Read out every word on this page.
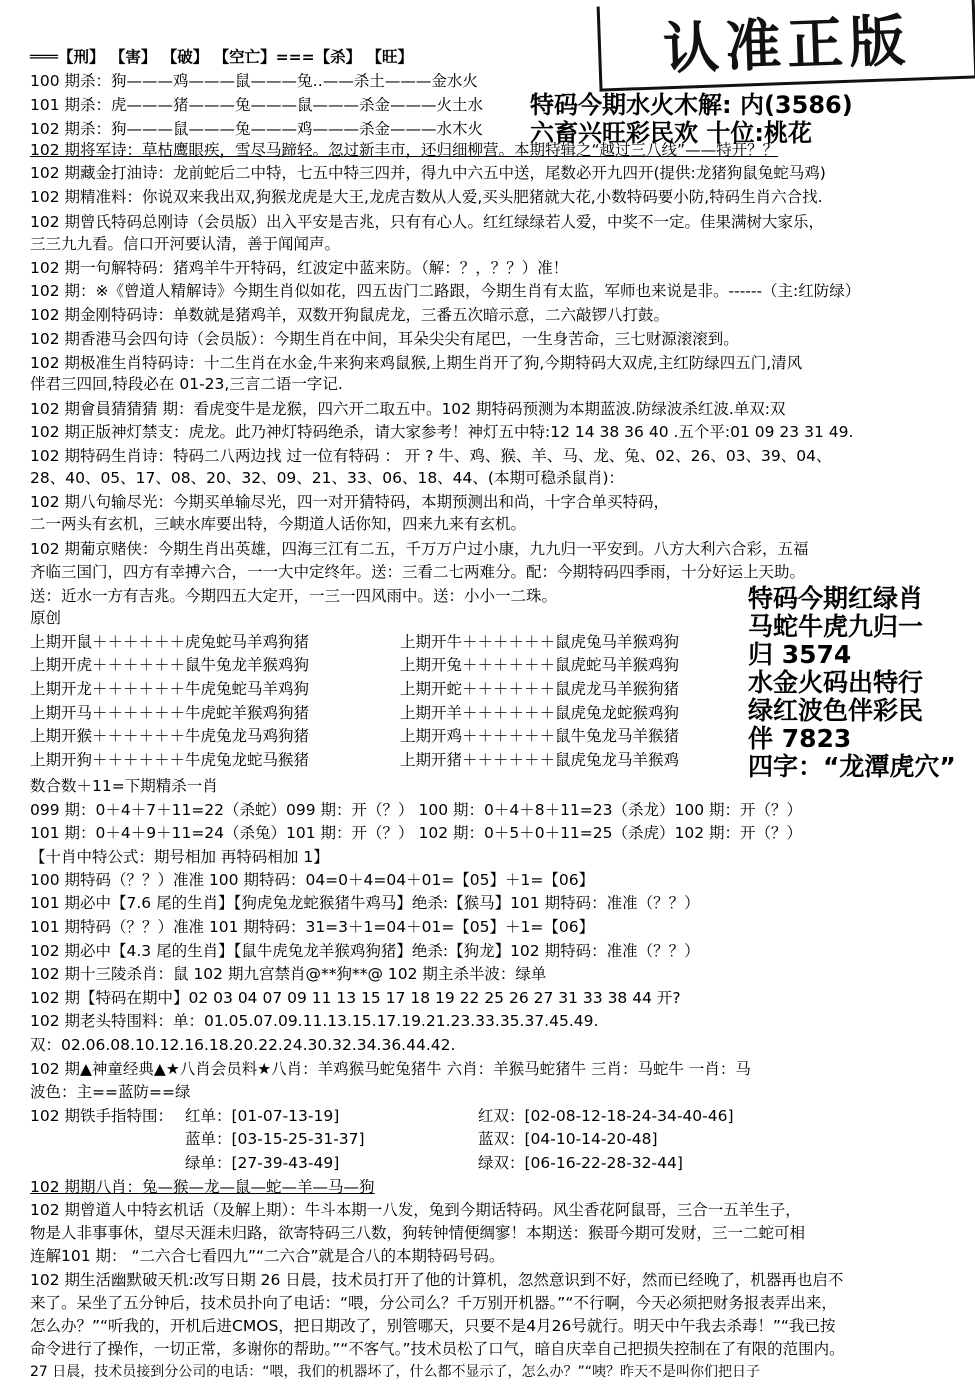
认准正版
═══【刑】 【害】 【破】 【空亡】===【杀】 【旺】
100 期杀：狗———鸡———鼠———兔‥——杀土———金水火
101 期杀：虎———猪———兔———鼠———杀金———火土水
102 期杀：狗———鼠———兔———鸡———杀金———水木火
特码今期水火木解: 内(3586)
六畜兴旺彩民欢 十位:桃花
102 期将军诗：草枯鹰眼疾，雪尽马蹄轻。忽过新丰市，还归细柳营。本期特辑之“越过三八线”——特开？？
102 期藏金打油诗：龙前蛇后二中特，七五中特三四并，得九中六五中送，尾数必开九四开(提供:龙猪狗鼠兔蛇马鸡)
102 期精准料：你说双来我出双,狗猴龙虎是大王,龙虎吉数从人爱,买头肥猪就大花,小数特码要小防,特码生肖六合找.
102 期曾氏特码总刚诗（会员版）出入平安是吉兆，只有有心人。红红绿绿若人爱，中奖不一定。佳果满树大家乐，
三三九九看。信口开河要认清，善于闻闻声。
102 期一句解特码：猪鸡羊牛开特码，红波定中蓝来防。（解：？，？？）准！
102 期：※《曾道人精解诗》今期生肖似如花，四五齿门二路跟，今期生肖有太监，军师也来说是非。------（主:红防绿）
102 期金刚特码诗：单数就是猪鸡羊，双数开狗鼠虎龙，三番五次暗示意，二六敲锣八打鼓。
102 期香港马会四句诗（会员版）：今期生肖在中间，耳朵尖尖有尾巴，一生身苦命，三七财源滚滚到。
102 期极准生肖特码诗：十二生肖在水金,牛来狗来鸡鼠猴,上期生肖开了狗,今期特码大双虎,主红防绿四五门,清风
伴君三四回,特段必在 01-23,三言二语一字记.
102 期會員猜猜猜 期：看虎变牛是龙猴，四六开二取五中。102 期特码预测为本期蓝波.防绿波杀红波.单双:双
102 期正版神灯禁支：虎龙。此乃神灯特码绝杀，请大家参考！神灯五中特:12 14 38 36 40 .五个平:01 09 23 31 49.
102 期特码生肖诗：特码二八两边找 过一位有特码 ： 开 ? 牛、鸡、猴、羊、马、龙、兔、02、26、03、39、04、
28、40、05、17、08、20、32、09、21、33、06、18、44、(本期可稳杀鼠肖)：
102 期八句输尽光：今期买单输尽光，四一对开猜特码，本期预测出和尚，十字合单买特码，
二一两头有玄机，三峡水库要出特，今期道人话你知，四来九来有玄机。
102 期葡京赌侠：今期生肖出英雄，四海三江有二五，千万万户过小康，九九归一平安到。八方大利六合彩，五福
齐临三国门，四方有幸搏六合，一一大中定终年。送：三看二七两难分。配：今期特码四季雨，十分好运上天助。
送：近水一方有吉兆。今期四五大定开，一三一四风雨中。送：小小一二珠。
原创
上期开鼠＋＋＋＋＋＋虎兔蛇马羊鸡狗猪	上期开牛＋＋＋＋＋＋鼠虎兔马羊猴鸡狗
上期开虎＋＋＋＋＋＋鼠牛兔龙羊猴鸡狗	上期开兔＋＋＋＋＋＋鼠虎蛇马羊猴鸡狗
上期开龙＋＋＋＋＋＋牛虎兔蛇马羊鸡狗	上期开蛇＋＋＋＋＋＋鼠虎龙马羊猴狗猪
上期开马＋＋＋＋＋＋牛虎蛇羊猴鸡狗猪	上期开羊＋＋＋＋＋＋鼠虎兔龙蛇猴鸡狗
上期开猴＋＋＋＋＋＋牛虎兔龙马鸡狗猪	上期开鸡＋＋＋＋＋＋鼠牛兔龙马羊猴猪
上期开狗＋＋＋＋＋＋牛虎兔龙蛇马猴猪	上期开猪＋＋＋＋＋＋鼠虎兔龙马羊猴鸡
特码今期红绿肖
马蛇牛虎九归一
归 3574
水金火码出特行
绿红波色伴彩民
伴 7823
四字：“龙潭虎穴”
数合数＋11=下期精杀一肖
099 期：0＋4＋7＋11=22（杀蛇）099 期：开（？） 100 期：0＋4＋8＋11=23（杀龙）100 期：开（？）
101 期：0＋4＋9＋11=24（杀兔）101 期：开（？） 102 期：0＋5＋0＋11=25（杀虎）102 期：开（？）
【十肖中特公式：期号相加 再特码相加 1】
100 期特码（？？）准准 100 期特码：04=0＋4=04＋01=【05】＋1=【06】
101 期必中【7.6 尾的生肖】【狗虎兔龙蛇猴猪牛鸡马】绝杀:【猴马】101 期特码：准准（？？）
101 期特码（？？）准准 101 期特码：31=3＋1=04＋01=【05】＋1=【06】
102 期必中【4.3 尾的生肖】【鼠牛虎兔龙羊猴鸡狗猪】绝杀:【狗龙】102 期特码：准准（？？）
102 期十三陵杀肖：鼠 102 期九宫禁肖@**狗**@ 102 期主杀半波：绿单
102 期【特码在期中】02 03 04 07 09 11 13 15 17 18 19 22 25 26 27 31 33 38 44 开?
102 期老头特围料：单：01.05.07.09.11.13.15.17.19.21.23.33.35.37.45.49.
双：02.06.08.10.12.16.18.20.22.24.30.32.34.36.44.42.
102 期▲神童经典▲★八肖会员料★八肖：羊鸡猴马蛇兔猪牛 六肖：羊猴马蛇猪牛 三肖：马蛇牛 一肖：马
波色：主==蓝防==绿
102 期铁手指特围： 红单：[01-07-13-19]	红双：[02-08-12-18-24-34-40-46]
蓝单：[03-15-25-31-37]	蓝双：[04-10-14-20-48]
绿单：[27-39-43-49]	绿双：[06-16-22-28-32-44]
102 期期八肖：兔—猴—龙—鼠—蛇—羊—马—狗
102 期曾道人中特玄机话（及解上期）：牛斗本期一八发，兔到今期话特码。风尘香花阿鼠哥，三合一五羊生子，
物是人非事事休，望尽天涯未归路，欲寄特码三八数，狗转钟情便绸寥！本期送：猴哥今期可发财，三一二蛇可相
连解101 期： “二六合七看四九”“二六合”就是合八的本期特码号码。
102 期生活幽默破天机:改写日期 26 日晨，技术员打开了他的计算机，忽然意识到不好，然而已经晚了，机器再也启不
来了。呆坐了五分钟后，技术员扑向了电话：“喂，分公司么？千万别开机器。”“不行啊，今天必须把财务报表弄出来，
怎么办？”“听我的，开机后进CMOS，把日期改了，别管哪天，只要不是4月26号就行。明天中午我去杀毒！”“我已按
命令进行了操作，一切正常，多谢你的帮助。”“不客气。”技术员松了口气，暗自庆幸自己把损失控制在了有限的范围内。
27 日晨，技术员接到分公司的电话：“喂，我们的机器坏了，什么都不显示了，怎么办？”“咦？昨天不是叫你们把日子
